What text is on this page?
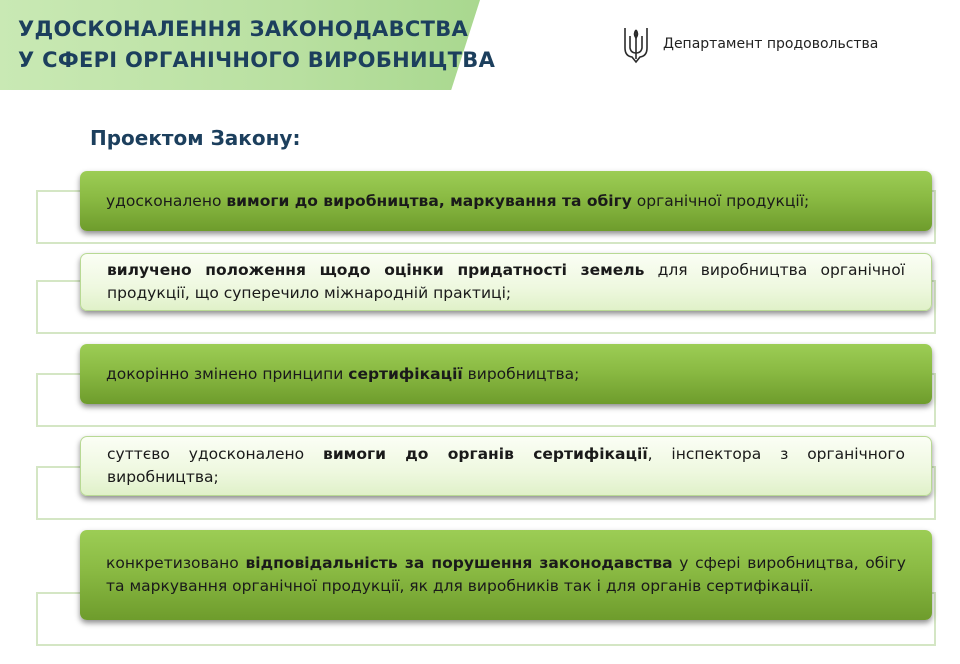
УДОСКОНАЛЕННЯ ЗАКОНОДАВСТВА
У СФЕРІ ОРГАНІЧНОГО ВИРОБНИЦТВА
Департамент продовольства
Проектом Закону:
удосконалено вимоги до виробництва, маркування та обігу органічної продукції;
вилучено положення щодо оцінки придатності земель для виробництва органічної продукції, що суперечило міжнародній практиці;
докорінно змінено принципи сертифікації виробництва;
суттєво удосконалено вимоги до органів сертифікації, інспектора з органічного виробництва;
конкретизовано відповідальність за порушення законодавства у сфері виробництва, обігу та маркування органічної продукції, як для виробників так і для органів сертифікації.
